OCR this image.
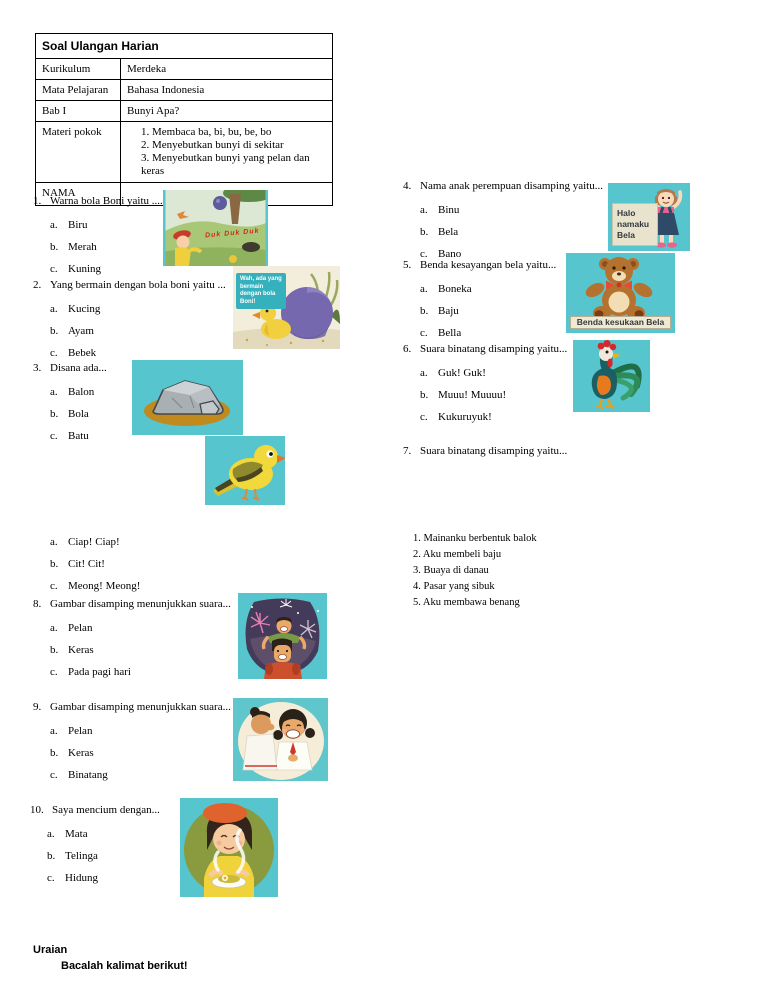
Soal Ulangan Harian	
Kurikulum	Merdeka
Mata Pelajaran	Bahasa Indonesia
Bab I	Bunyi Apa?
Materi pokok	1. Membaca ba, bi, bu, be, bo
2. Menyebutkan bunyi di sekitar
3. Menyebutkan bunyi yang pelan dan keras

NAMA	
1. Warna bola Boni yaitu ....
a. Biru
b. Merah
c. Kuning
Duk Duk Duk
2. Yang bermain dengan bola boni yaitu ...
a. Kucing
b. Ayam
c. Bebek
Wah, ada yang bermain dengan bola Boni!
3. Disana ada...
a. Balon
b. Bola
c. Batu
a. Ciap! Ciap!
b. Cit! Cit!
c. Meong! Meong!
8. Gambar disamping menunjukkan suara...
a. Pelan
b. Keras
c. Pada pagi hari
9. Gambar disamping menunjukkan suara...
a. Pelan
b. Keras
c. Binatang
10. Saya mencium dengan...
a. Mata
b. Telinga
c. Hidung
Uraian
Bacalah kalimat berikut!
4. Nama anak perempuan disamping yaitu...
a. Binu
b. Bela
c. Bano
Halo namaku Bela
5. Benda kesayangan bela yaitu...
a. Boneka
b. Baju
c. Bella
Benda kesukaan Bela
6. Suara binatang disamping yaitu...
a. Guk! Guk!
b. Muuu! Muuuu!
c. Kukuruyuk!
7. Suara binatang disamping yaitu...
1. Mainanku berbentuk balok
2. Aku membeli baju
3. Buaya di danau
4. Pasar yang sibuk
5. Aku membawa benang
